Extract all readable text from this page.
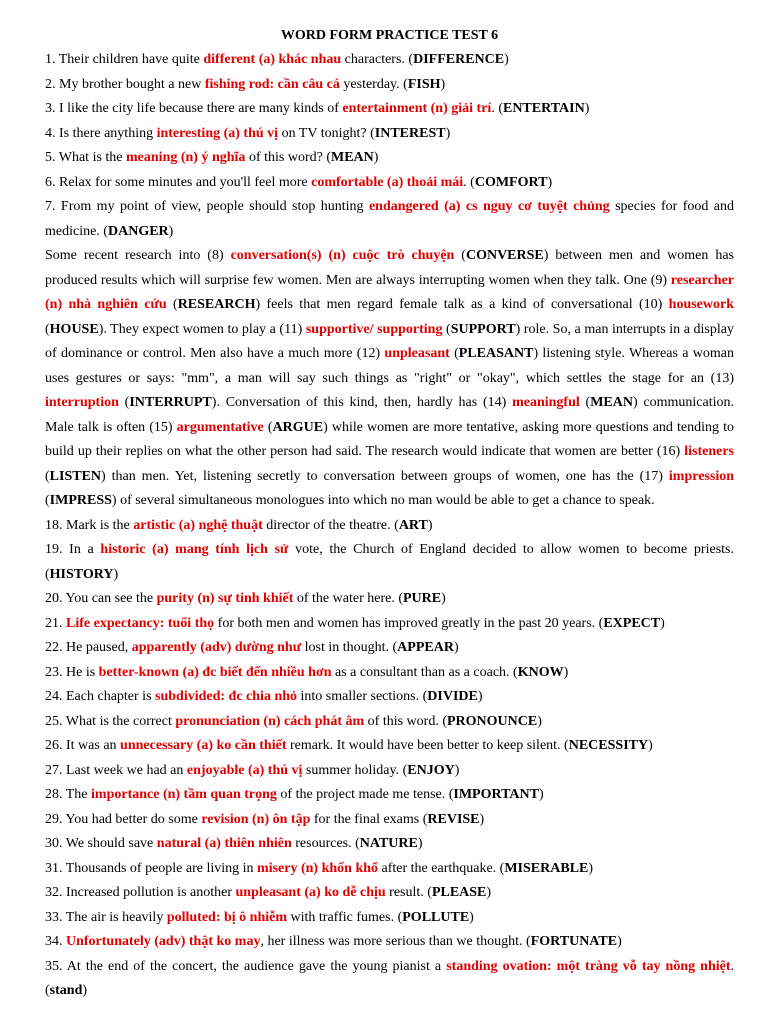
WORD FORM PRACTICE TEST 6

1. Their children have quite different (a) khác nhau characters. (DIFFERENCE)

2. My brother bought a new fishing rod: cần câu cá yesterday. (FISH)

3. I like the city life because there are many kinds of entertainment (n) giải trí. (ENTERTAIN)

4. Is there anything interesting (a) thú vị on TV tonight? (INTEREST)

5. What is the meaning (n) ý nghĩa of this word? (MEAN)

6. Relax for some minutes and you'll feel more comfortable (a) thoải mái. (COMFORT)

7. From my point of view, people should stop hunting endangered (a) cs nguy cơ tuyệt chủng species for food and medicine. (DANGER)

Some recent research into (8) conversation(s) (n) cuộc trò chuyện (CONVERSE) between men and women has produced results which will surprise few women. Men are always interrupting women when they talk. One (9) researcher (n) nhà nghiên cứu (RESEARCH) feels that men regard female talk as a kind of conversational (10) housework (HOUSE). They expect women to play a (11) supportive/ supporting (SUPPORT) role. So, a man interrupts in a display of dominance or control. Men also have a much more (12) unpleasant (PLEASANT) listening style. Whereas a woman uses gestures or says: "mm", a man will say such things as "right" or "okay", which settles the stage for an (13) interruption (INTERRUPT). Conversation of this kind, then, hardly has (14) meaningful (MEAN) communication. Male talk is often (15) argumentative (ARGUE) while women are more tentative, asking more questions and tending to build up their replies on what the other person had said. The research would indicate that women are better (16) listeners (LISTEN) than men. Yet, listening secretly to conversation between groups of women, one has the (17) impression (IMPRESS) of several simultaneous monologues into which no man would be able to get a chance to speak.

18. Mark is the artistic (a) nghệ thuật director of the theatre. (ART)

19. In a historic (a) mang tính lịch sử vote, the Church of England decided to allow women to become priests. (HISTORY)

20. You can see the purity (n) sự tinh khiết of the water here. (PURE)

21. Life expectancy: tuổi thọ for both men and women has improved greatly in the past 20 years. (EXPECT)

22. He paused, apparently (adv) dường như lost in thought. (APPEAR)

23. He is better-known (a) đc biết đến nhiều hơn as a consultant than as a coach. (KNOW)

24. Each chapter is subdivided: đc chia nhỏ into smaller sections. (DIVIDE)

25. What is the correct pronunciation (n) cách phát âm of this word. (PRONOUNCE)

26. It was an unnecessary (a) ko cần thiết remark. It would have been better to keep silent. (NECESSITY)

27. Last week we had an enjoyable (a) thú vị summer holiday. (ENJOY)

28. The importance (n) tầm quan trọng of the project made me tense. (IMPORTANT)

29. You had better do some revision (n) ôn tập for the final exams (REVISE)

30. We should save natural (a) thiên nhiên resources. (NATURE)

31. Thousands of people are living in misery (n) khốn khổ after the earthquake. (MISERABLE)

32. Increased pollution is another unpleasant (a) ko dễ chịu result. (PLEASE)

33. The air is heavily polluted: bị ô nhiễm with traffic fumes. (POLLUTE)

34. Unfortunately (adv) thật ko may, her illness was more serious than we thought. (FORTUNATE)

35. At the end of the concert, the audience gave the young pianist a standing ovation: một tràng vỗ tay nồng nhiệt. (stand)
